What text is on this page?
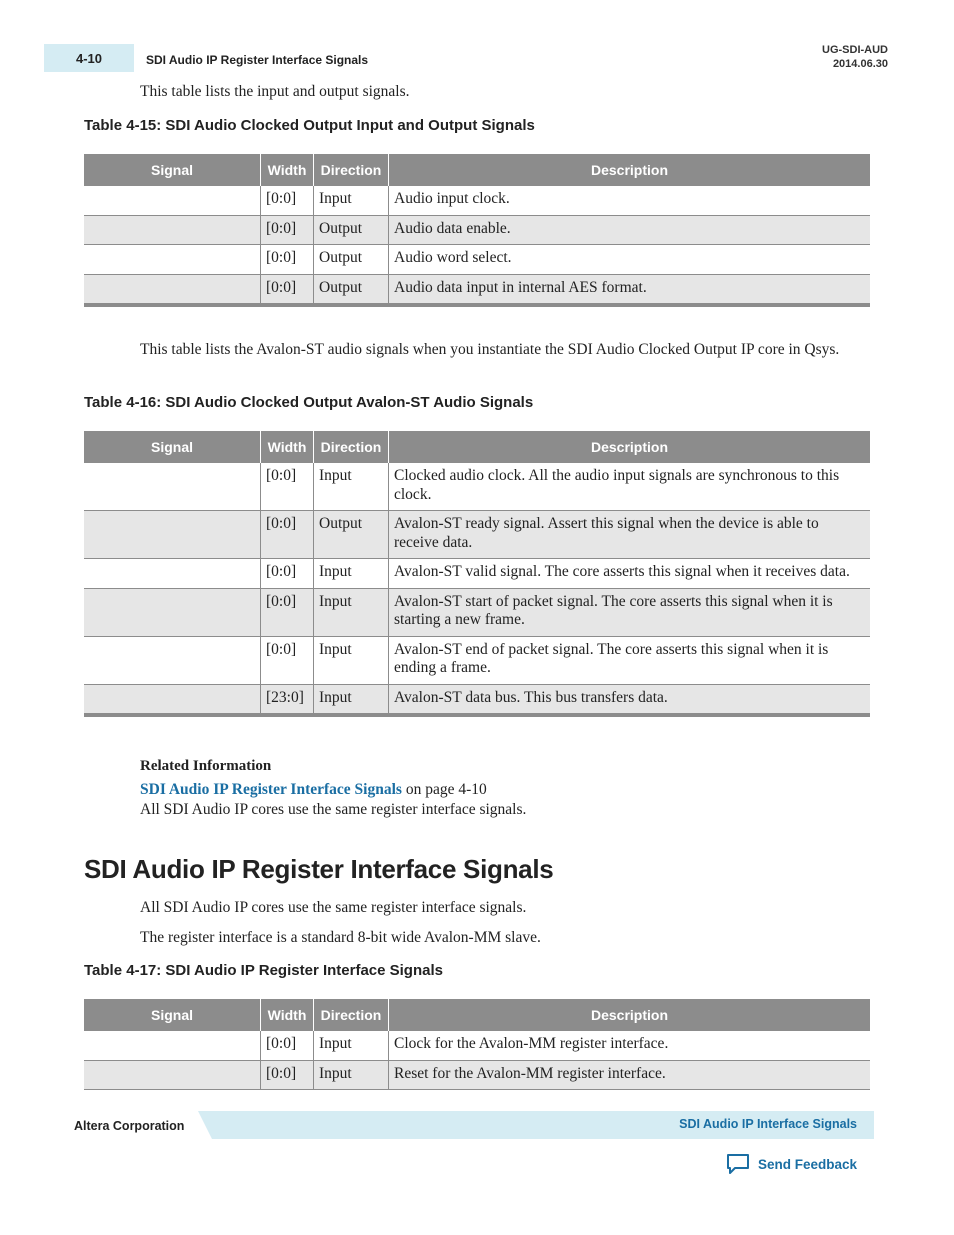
4-10	SDI Audio IP Register Interface Signals
UG-SDI-AUD
2014.06.30
This table lists the input and output signals.
Table 4-15: SDI Audio Clocked Output Input and Output Signals
Signal	Width	Direction	Description
	[0:0]	Input	Audio input clock.
	[0:0]	Output	Audio data enable.
	[0:0]	Output	Audio word select.
	[0:0]	Output	Audio data input in internal AES format.
This table lists the Avalon-ST audio signals when you instantiate the SDI Audio Clocked Output IP core in Qsys.
Table 4-16: SDI Audio Clocked Output Avalon-ST Audio Signals
Signal	Width	Direction	Description
	[0:0]	Input	Clocked audio clock. All the audio input signals are synchronous to this clock.
	[0:0]	Output	Avalon-ST ready signal. Assert this signal when the device is able to receive data.
	[0:0]	Input	Avalon-ST valid signal. The core asserts this signal when it receives data.
	[0:0]	Input	Avalon-ST start of packet signal. The core asserts this signal when it is starting a new frame.
	[0:0]	Input	Avalon-ST end of packet signal. The core asserts this signal when it is ending a frame.
	[23:0]	Input	Avalon-ST data bus. This bus transfers data.
Related Information
SDI Audio IP Register Interface Signals on page 4-10
All SDI Audio IP cores use the same register interface signals.
SDI Audio IP Register Interface Signals
All SDI Audio IP cores use the same register interface signals.
The register interface is a standard 8-bit wide Avalon-MM slave.
Table 4-17: SDI Audio IP Register Interface Signals
Signal	Width	Direction	Description
	[0:0]	Input	Clock for the Avalon-MM register interface.
	[0:0]	Input	Reset for the Avalon-MM register interface.
Altera Corporation	SDI Audio IP Interface Signals
Send Feedback
